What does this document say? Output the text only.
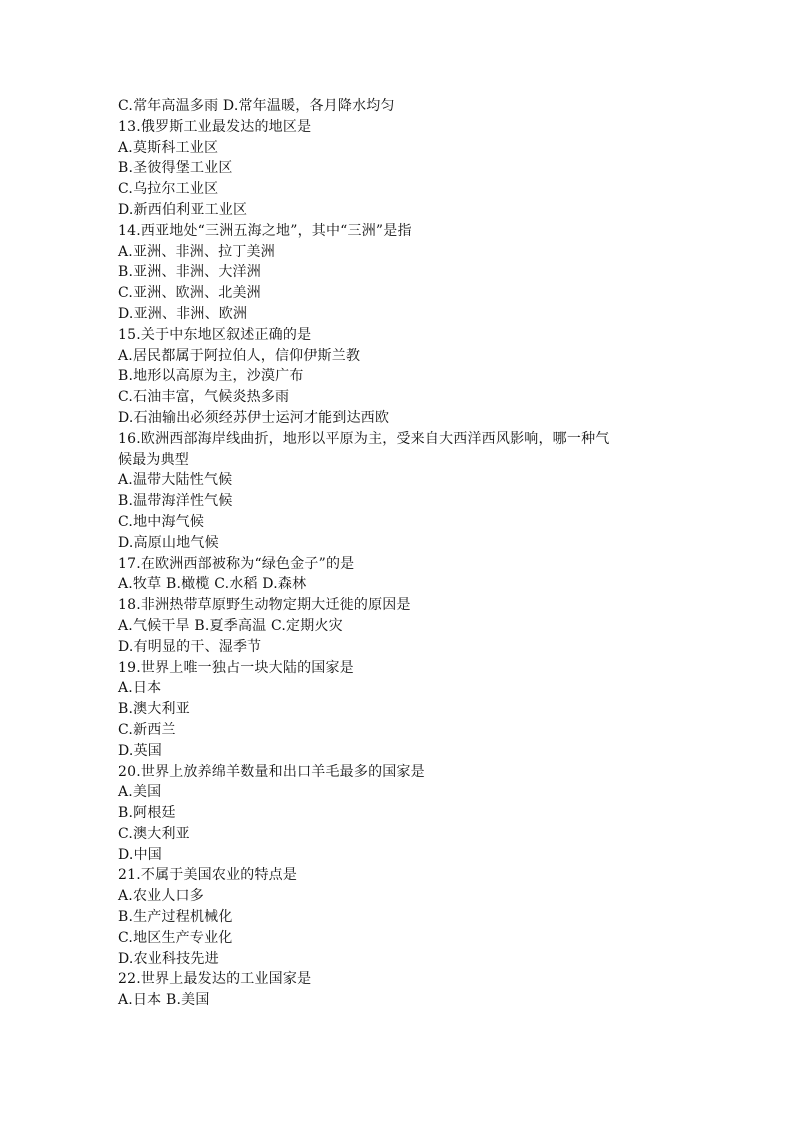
C.常年高温多雨 D.常年温暖，各月降水均匀
13.俄罗斯工业最发达的地区是
A.莫斯科工业区
B.圣彼得堡工业区
C.乌拉尔工业区
D.新西伯利亚工业区
14.西亚地处“三洲五海之地”，其中“三洲”是指
A.亚洲、非洲、拉丁美洲
B.亚洲、非洲、大洋洲
C.亚洲、欧洲、北美洲
D.亚洲、非洲、欧洲
15.关于中东地区叙述正确的是
A.居民都属于阿拉伯人，信仰伊斯兰教
B.地形以高原为主，沙漠广布
C.石油丰富，气候炎热多雨
D.石油输出必须经苏伊士运河才能到达西欧
16.欧洲西部海岸线曲折，地形以平原为主，受来自大西洋西风影响，哪一种气
候最为典型
A.温带大陆性气候
B.温带海洋性气候
C.地中海气候
D.高原山地气候
17.在欧洲西部被称为“绿色金子”的是
A.牧草 B.橄榄 C.水稻 D.森林
18.非洲热带草原野生动物定期大迁徙的原因是
A.气候干旱 B.夏季高温 C.定期火灾
D.有明显的干、湿季节
19.世界上唯一独占一块大陆的国家是
A.日本
B.澳大利亚
C.新西兰
D.英国
20.世界上放养绵羊数量和出口羊毛最多的国家是
A.美国
B.阿根廷
C.澳大利亚
D.中国
21.不属于美国农业的特点是
A.农业人口多
B.生产过程机械化
C.地区生产专业化
D.农业科技先进
22.世界上最发达的工业国家是
A.日本 B.美国
